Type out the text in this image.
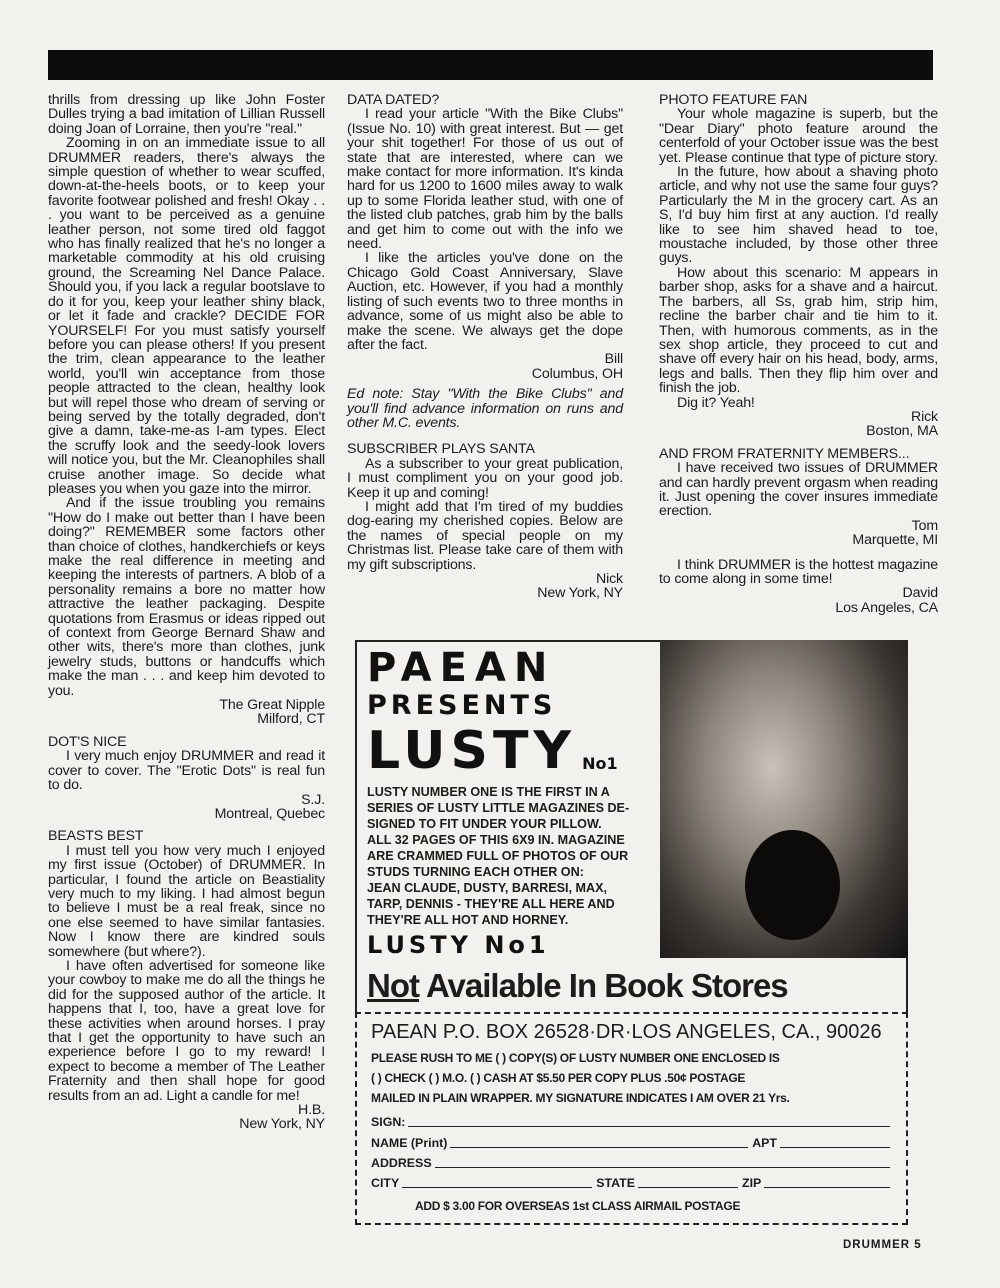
thrills from dressing up like John Foster Dulles trying a bad imitation of Lillian Russell doing Joan of Lorraine, then you're "real."

Zooming in on an immediate issue to all DRUMMER readers, there's always the simple question of whether to wear scuffed, down-at-the-heels boots, or to keep your favorite footwear polished and fresh! Okay . . . you want to be perceived as a genuine leather person, not some tired old faggot who has finally realized that he's no longer a marketable commodity at his old cruising ground, the Screaming Nel Dance Palace. Should you, if you lack a regular bootslave to do it for you, keep your leather shiny black, or let it fade and crackle? DECIDE FOR YOURSELF! For you must satisfy yourself before you can please others! If you present the trim, clean appearance to the leather world, you'll win acceptance from those people attracted to the clean, healthy look but will repel those who dream of serving or being served by the totally degraded, don't give a damn, take-me-as I-am types. Elect the scruffy look and the seedy-look lovers will notice you, but the Mr. Cleanophiles shall cruise another image. So decide what pleases you when you gaze into the mirror.

And if the issue troubling you remains "How do I make out better than I have been doing?" REMEMBER some factors other than choice of clothes, handkerchiefs or keys make the real difference in meeting and keeping the interests of partners. A blob of a personality remains a bore no matter how attractive the leather packaging. Despite quotations from Erasmus or ideas ripped out of context from George Bernard Shaw and other wits, there's more than clothes, junk jewelry studs, buttons or handcuffs which make the man . . . and keep him devoted to you.

The Great Nipple
Milford, CT
DOT'S NICE

I very much enjoy DRUMMER and read it cover to cover. The "Erotic Dots" is real fun to do.

S.J.
Montreal, Quebec
BEASTS BEST

I must tell you how very much I enjoyed my first issue (October) of DRUMMER. In particular, I found the article on Beastiality very much to my liking. I had almost begun to believe I must be a real freak, since no one else seemed to have similar fantasies. Now I know there are kindred souls somewhere (but where?).

I have often advertised for someone like your cowboy to make me do all the things he did for the supposed author of the article. It happens that I, too, have a great love for these activities when around horses. I pray that I get the opportunity to have such an experience before I go to my reward! I expect to become a member of The Leather Fraternity and then shall hope for good results from an ad. Light a candle for me!

H.B.
New York, NY
DATA DATED?

I read your article "With the Bike Clubs" (Issue No. 10) with great interest. But — get your shit together! For those of us out of state that are interested, where can we make contact for more information. It's kinda hard for us 1200 to 1600 miles away to walk up to some Florida leather stud, with one of the listed club patches, grab him by the balls and get him to come out with the info we need.

I like the articles you've done on the Chicago Gold Coast Anniversary, Slave Auction, etc. However, if you had a monthly listing of such events two to three months in advance, some of us might also be able to make the scene. We always get the dope after the fact.

Bill
Columbus, OH

Ed note: Stay "With the Bike Clubs" and you'll find advance information on runs and other M.C. events.

SUBSCRIBER PLAYS SANTA

As a subscriber to your great publication, I must compliment you on your good job. Keep it up and coming!

I might add that I'm tired of my buddies dog-earing my cherished copies. Below are the names of special people on my Christmas list. Please take care of them with my gift subscriptions.

Nick
New York, NY
PHOTO FEATURE FAN

Your whole magazine is superb, but the "Dear Diary" photo feature around the centerfold of your October issue was the best yet. Please continue that type of picture story.

In the future, how about a shaving photo article, and why not use the same four guys? Particularly the M in the grocery cart. As an S, I'd buy him first at any auction. I'd really like to see him shaved head to toe, moustache included, by those other three guys.

How about this scenario: M appears in barber shop, asks for a shave and a haircut. The barbers, all Ss, grab him, strip him, recline the barber chair and tie him to it. Then, with humorous comments, as in the sex shop article, they proceed to cut and shave off every hair on his head, body, arms, legs and balls. Then they flip him over and finish the job.

Dig it? Yeah!

Rick
Boston, MA
AND FROM FRATERNITY MEMBERS...

I have received two issues of DRUMMER and can hardly prevent orgasm when reading it. Just opening the cover insures immediate erection.

Tom
Marquette, MI

I think DRUMMER is the hottest magazine to come along in some time!

David
Los Angeles, CA
PAEAN
PRESENTS
LUSTY No1
LUSTY NUMBER ONE IS THE FIRST IN A
SERIES OF LUSTY LITTLE MAGAZINES DE-
SIGNED TO FIT UNDER YOUR PILLOW.
ALL 32 PAGES OF THIS 6X9 IN. MAGAZINE
ARE CRAMMED FULL OF PHOTOS OF OUR
STUDS TURNING EACH OTHER ON:
JEAN CLAUDE, DUSTY, BARRESI, MAX,
TARP, DENNIS - THEY'RE ALL HERE AND
THEY'RE ALL HOT AND HORNEY.
LUSTY No1
Not Available In Book Stores
PAEAN P.O. BOX 26528·DR·LOS ANGELES, CA., 90026
PLEASE RUSH TO ME ( ) COPY(S) OF LUSTY NUMBER ONE ENCLOSED IS
( ) CHECK ( ) M.O. ( ) CASH AT $5.50 PER COPY PLUS .50¢ POSTAGE
MAILED IN PLAIN WRAPPER. MY SIGNATURE INDICATES I AM OVER 21 Yrs.
SIGN:
NAME (Print)	APT
ADDRESS
CITY	STATE	ZIP
ADD $ 3.00 FOR OVERSEAS 1st CLASS AIRMAIL POSTAGE
DRUMMER 5
